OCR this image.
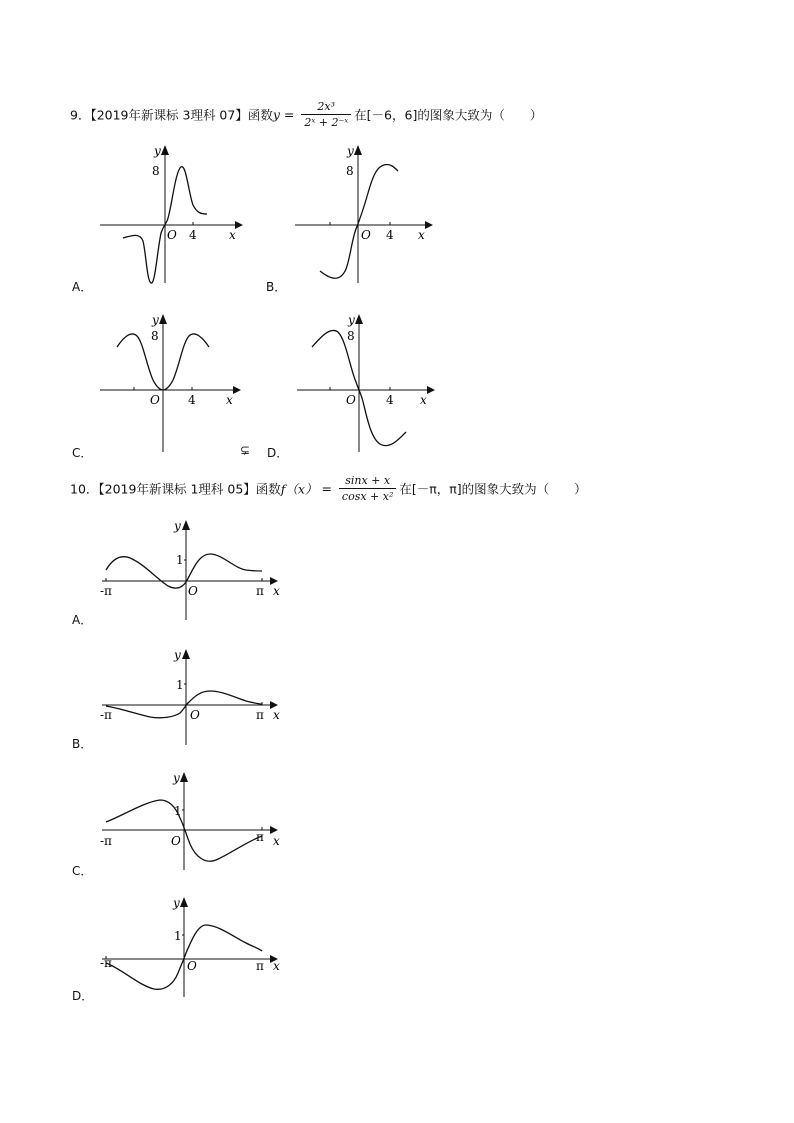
9．【2019年新课标 3理科 07】函数$y = \frac{\text{2x³}}{\text{2ˣ + 2⁻ˣ}}$ 在[－6，6]的图象大致为（　　）
y
8
O 4	x
A．
y
8
O 4 x
B．
y
8
O 4	x
C．	⊊
y
8
O	4 x
D．
10．【2019年新课标 1理科 05】函数$f(x) = \frac{\sin x + x}{\text{cosx + x²}}$ 在[－π，π]的图象大致为（　　）
y
1
O
-π	π x
A．
y
1
O
-π	π x
B．
y
1
O
-π	π x
C．
y
1
O
-π	π x
D．
